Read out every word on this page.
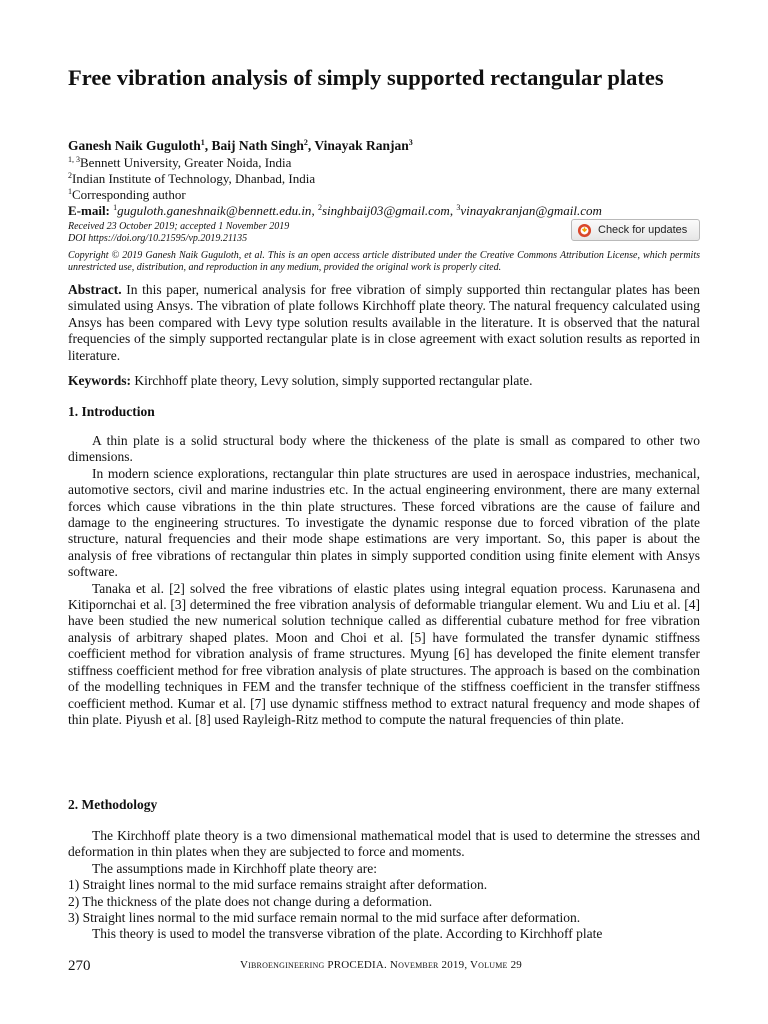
Free vibration analysis of simply supported rectangular plates

Ganesh Naik Guguloth$^1$, Baij Nath Singh$^2$, Vinayak Ranjan$^3$

$^{1, 3}$Bennett University, Greater Noida, India
$^2$Indian Institute of Technology, Dhanbad, India
$^1$Corresponding author
E-mail: $^1$guguloth.ganeshnaik@bennett.edu.in, $^2$singhbaij03@gmail.com, $^3$vinayakranjan@gmail.com
Received 23 October 2019; accepted 1 November 2019
DOI https://doi.org/10.21595/vp.2019.21135
Check for updates
Copyright © 2019 Ganesh Naik Guguloth, et al. This is an open access article distributed under the Creative Commons Attribution License, which permits unrestricted use, distribution, and reproduction in any medium, provided the original work is properly cited.
Abstract. In this paper, numerical analysis for free vibration of simply supported thin rectangular plates has been simulated using Ansys. The vibration of plate follows Kirchhoff plate theory. The natural frequency calculated using Ansys has been compared with Levy type solution results available in the literature. It is observed that the natural frequencies of the simply supported rectangular plate is in close agreement with exact solution results as reported in literature.
Keywords: Kirchhoff plate theory, Levy solution, simply supported rectangular plate.
1. Introduction

A thin plate is a solid structural body where the thickeness of the plate is small as compared to other two dimensions.

In modern science explorations, rectangular thin plate structures are used in aerospace industries, mechanical, automotive sectors, civil and marine industries etc. In the actual engineering environment, there are many external forces which cause vibrations in the thin plate structures. These forced vibrations are the cause of failure and damage to the engineering structures. To investigate the dynamic response due to forced vibration of the plate structure, natural frequencies and their mode shape estimations are very important. So, this paper is about the analysis of free vibrations of rectangular thin plates in simply supported condition using finite element with Ansys software.

Tanaka et al. [2] solved the free vibrations of elastic plates using integral equation process. Karunasena and Kitipornchai et al. [3] determined the free vibration analysis of deformable triangular element. Wu and Liu et al. [4] have been studied the new numerical solution technique called as differential cubature method for free vibration analysis of arbitrary shaped plates. Moon and Choi et al. [5] have formulated the transfer dynamic stiffness coefficient method for vibration analysis of frame structures. Myung [6] has developed the finite element transfer stiffness coefficient method for free vibration analysis of plate structures. The approach is based on the combination of the modelling techniques in FEM and the transfer technique of the stiffness coefficient in the transfer stiffness coefficient method. Kumar et al. [7] use dynamic stiffness method to extract natural frequency and mode shapes of thin plate. Piyush et al. [8] used Rayleigh-Ritz method to compute the natural frequencies of thin plate.

2. Methodology

The Kirchhoff plate theory is a two dimensional mathematical model that is used to determine the stresses and deformation in thin plates when they are subjected to force and moments.

The assumptions made in Kirchhoff plate theory are:

1) Straight lines normal to the mid surface remains straight after deformation.

2) The thickness of the plate does not change during a deformation.

3) Straight lines normal to the mid surface remain normal to the mid surface after deformation.

This theory is used to model the transverse vibration of the plate. According to Kirchhoff plate

270	Vibroengineering PROCEDIA. November 2019, Volume 29
